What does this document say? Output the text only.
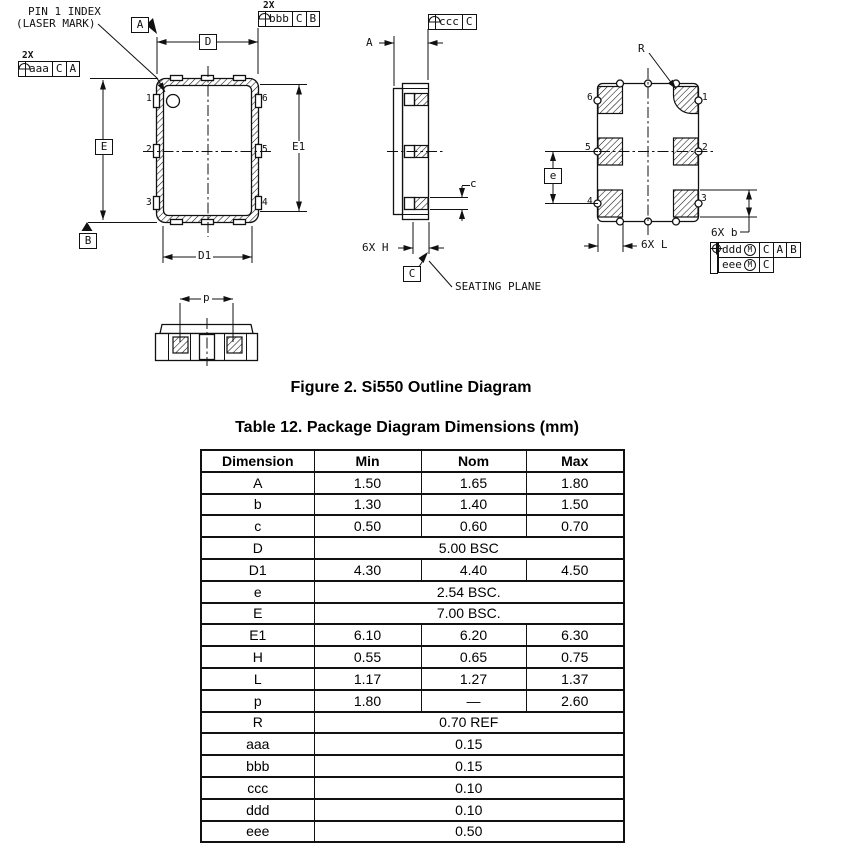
PIN 1 INDEX
(LASER MARK)
2X
aaa C A
2X
bbb C B	ccc C
A
B
C
D
E
e
E1
D1
A
c
6X H	6X L
6X b
R
p
SEATING PLANE
1
2
3
6
5
4
6
5
4
1
2
3
ddd M C A B
eee M C
Figure 2. Si550 Outline Diagram
Table 12. Package Diagram Dimensions (mm)
Dimension	Min	Nom	Max
A	1.50	1.65	1.80
b	1.30	1.40	1.50
c	0.50	0.60	0.70
D	5.00 BSC		
D1	4.30	4.40	4.50
e	2.54 BSC.		
E	7.00 BSC.		
E1	6.10	6.20	6.30
H	0.55	0.65	0.75
L	1.17	1.27	1.37
p	1.80	—	2.60
R	0.70 REF		
aaa	0.15		
bbb	0.15		
ccc	0.10		
ddd	0.10		
eee	0.50		
